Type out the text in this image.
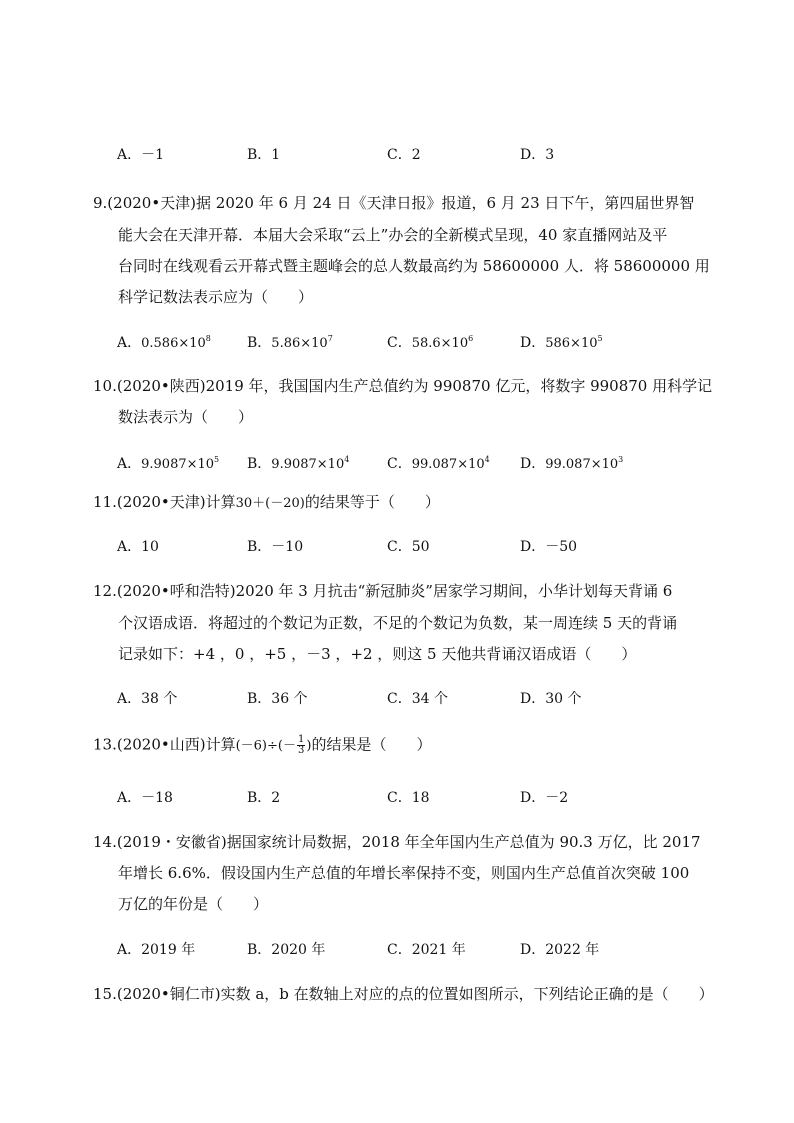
A．－1	B．1	C．2	D．3
9.(2020•天津)据 2020 年 6 月 24 日《天津日报》报道，6 月 23 日下午，第四届世界智
能大会在天津开幕．本届大会采取“云上”办会的全新模式呈现，40 家直播网站及平
台同时在线观看云开幕式暨主题峰会的总人数最高约为 58600000 人．将 58600000 用
科学记数法表示应为（　　）
A．$0.586\times 10^8$	B．$5.86\times 10^7$	C．$58.6\times 10^6$	D．$586\times 10^5$
10.(2020•陕西)2019 年，我国国内生产总值约为 990870 亿元，将数字 990870 用科学记
数法表示为（　　）
A．$9.9087\times 10^5$ B．$9.9087\times 10^4$	C．$99.087\times 10^4$ D．$99.087\times 10^3$
11.(2020•天津)计算30＋(－20)的结果等于（　　）
A．10	B．－10	C．50	D．－50
12.(2020•呼和浩特)2020 年 3 月抗击“新冠肺炎”居家学习期间，小华计划每天背诵 6
个汉语成语．将超过的个数记为正数，不足的个数记为负数，某一周连续 5 天的背诵
记录如下：+4 ，0 ，+5 ，－3 ，+2 ，则这 5 天他共背诵汉语成语（　　）
A．38 个	B．36 个	C．34 个	D．30 个
13.(2020•山西)计算$(-6)\div(- \frac{1}{3}$ )的结果是（　　）
A．－18	B．2	C．18	D．－2
14.(2019・安徽省)据国家统计局数据，2018 年全年国内生产总值为 90.3 万亿，比 2017
年增长 6.6%．假设国内生产总值的年增长率保持不变，则国内生产总值首次突破 100
万亿的年份是（　　）
A．2019 年	B．2020 年	C．2021 年	D．2022 年
15.(2020•铜仁市)实数 a，b 在数轴上对应的点的位置如图所示，下列结论正确的是（　　）
